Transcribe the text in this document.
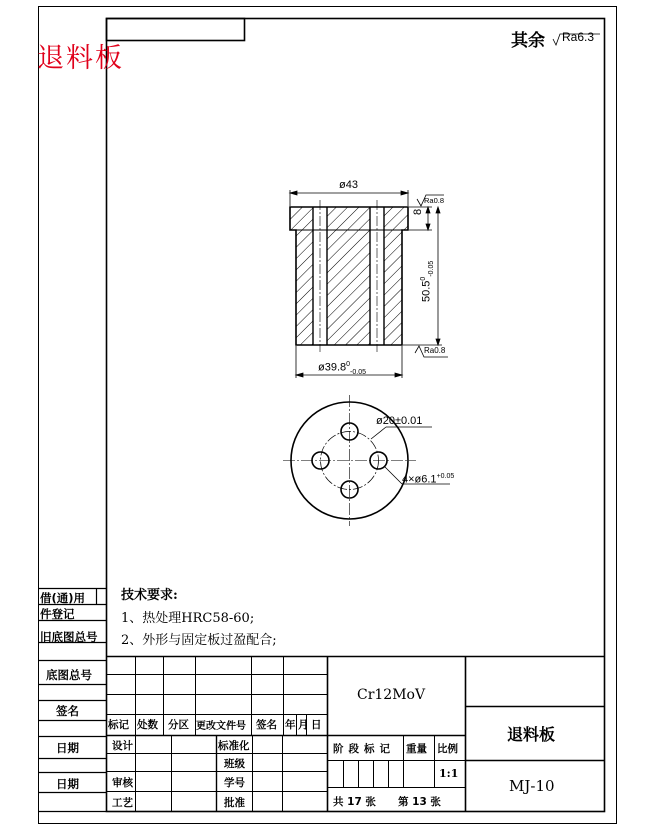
退料板
其余 Ra6.3
ø43
Ra0.8
8
$50.5^0_{-0.05}$
Ra0.8
$ø39.8^0_{-0.05}$
ø20±0.01
$4\times ø6.1^{+0.05}$
技术要求:
1、热处理HRC58-60;
2、外形与固定板过盈配合;
借(通)用
件登记
旧底图总号
底图总号
签名
日期
日期
标记 处数 分区 更改文件号 签名 年 月 日
设计	标准化
班级
审核	学号
工艺	批准
Cr12MoV
阶段标记 重量 比例
1:1
共 17 张 第 13 张
退料板
MJ-10
